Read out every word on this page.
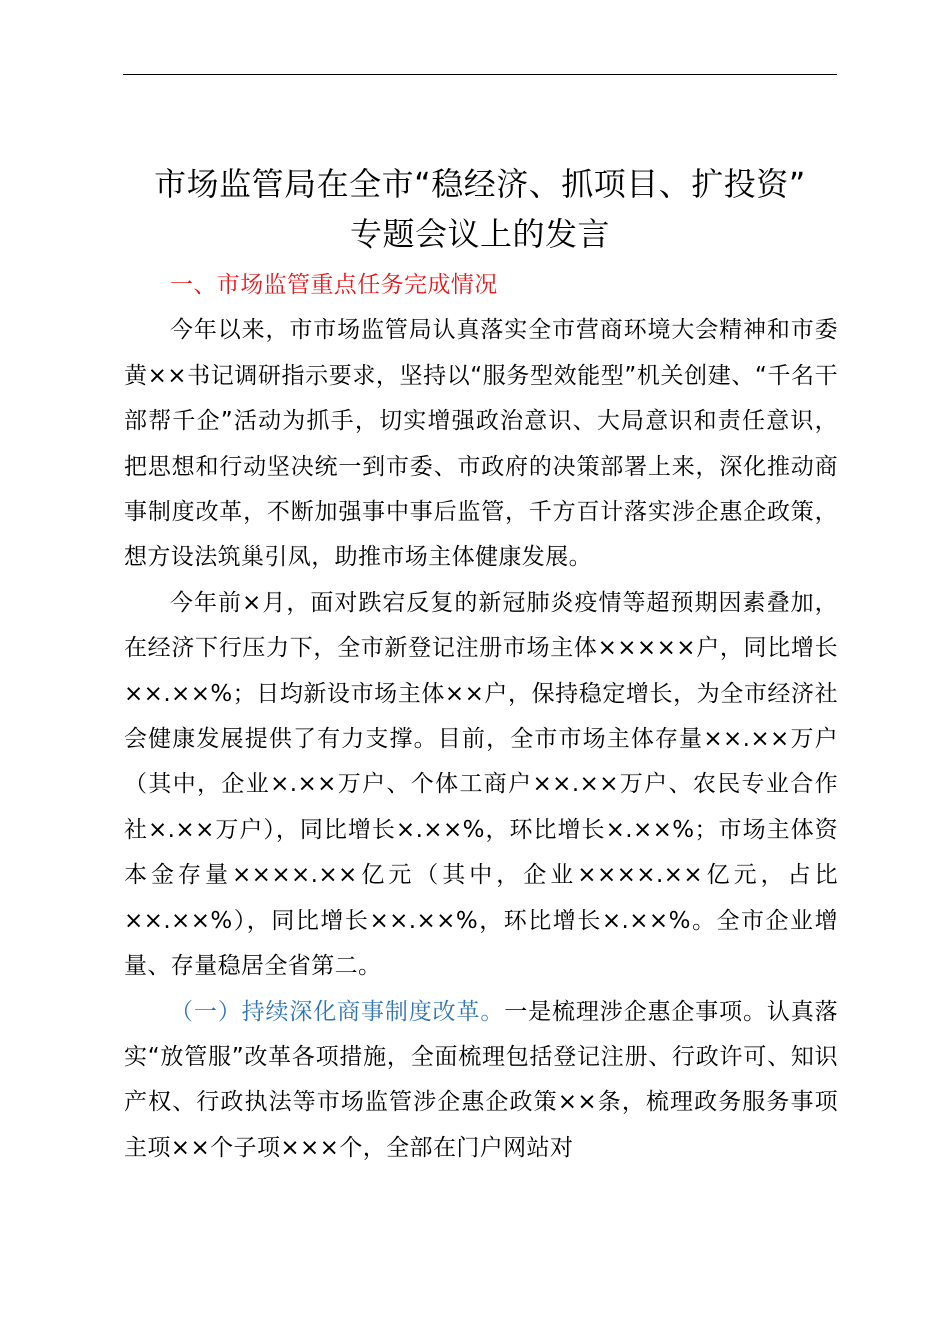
市场监管局在全市“稳经济、抓项目、扩投资”
专题会议上的发言

一、市场监管重点任务完成情况

今年以来，市市场监管局认真落实全市营商环境大会精神和市委黄××书记调研指示要求，坚持以“服务型效能型”机关创建、“千名干部帮千企”活动为抓手，切实增强政治意识、大局意识和责任意识，把思想和行动坚决统一到市委、市政府的决策部署上来，深化推动商事制度改革，不断加强事中事后监管，千方百计落实涉企惠企政策，想方设法筑巢引凤，助推市场主体健康发展。

今年前×月，面对跌宕反复的新冠肺炎疫情等超预期因素叠加，在经济下行压力下，全市新登记注册市场主体×××××户，同比增长××.××%；日均新设市场主体××户，保持稳定增长，为全市经济社会健康发展提供了有力支撑。目前，全市市场主体存量××.××万户（其中，企业×.××万户、个体工商户××.××万户、农民专业合作社×.××万户），同比增长×.××%，环比增长×.××%；市场主体资本金存量××××.××亿元（其中，企业××××.××亿元，占比××.××%），同比增长××.××%，环比增长×.××%。全市企业增量、存量稳居全省第二。

（一）持续深化商事制度改革。一是梳理涉企惠企事项。认真落实“放管服”改革各项措施，全面梳理包括登记注册、行政许可、知识产权、行政执法等市场监管涉企惠企政策××条，梳理政务服务事项主项××个子项×××个，全部在门户网站对
